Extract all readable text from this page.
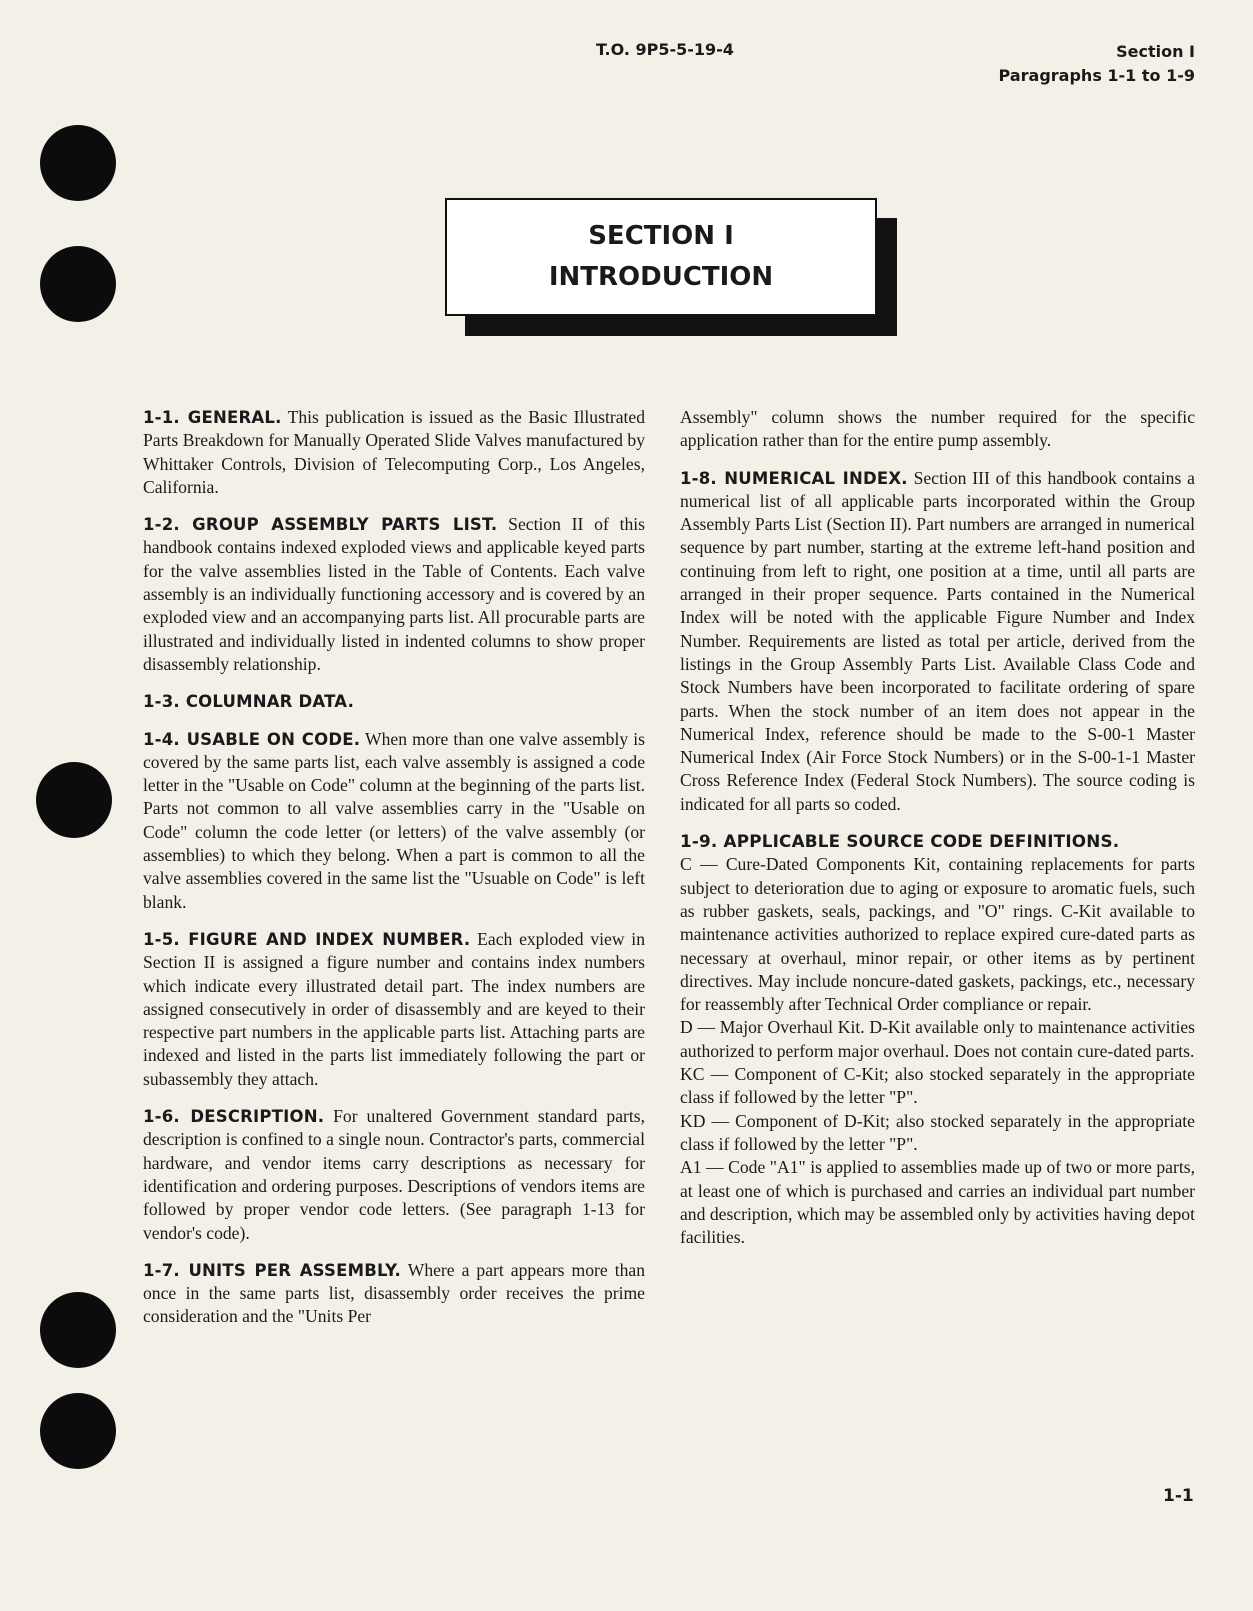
T.O. 9P5-5-19-4	Section I
Paragraphs 1-1 to 1-9
SECTION I
INTRODUCTION

1-1. GENERAL. This publication is issued as the Basic Illustrated Parts Breakdown for Manually Operated Slide Valves manufactured by Whittaker Controls, Division of Telecomputing Corp., Los Angeles, California.

1-2. GROUP ASSEMBLY PARTS LIST. Section II of this handbook contains indexed exploded views and applicable keyed parts for the valve assemblies listed in the Table of Contents. Each valve assembly is an individually functioning accessory and is covered by an exploded view and an accompanying parts list. All procurable parts are illustrated and individually listed in indented columns to show proper disassembly relationship.

1-3. COLUMNAR DATA.

1-4. USABLE ON CODE. When more than one valve assembly is covered by the same parts list, each valve assembly is assigned a code letter in the "Usable on Code" column at the beginning of the parts list. Parts not common to all valve assemblies carry in the "Usable on Code" column the code letter (or letters) of the valve assembly (or assemblies) to which they belong. When a part is common to all the valve assemblies covered in the same list the "Usuable on Code" is left blank.

1-5. FIGURE AND INDEX NUMBER. Each exploded view in Section II is assigned a figure number and contains index numbers which indicate every illustrated detail part. The index numbers are assigned consecutively in order of disassembly and are keyed to their respective part numbers in the applicable parts list. Attaching parts are indexed and listed in the parts list immediately following the part or subassembly they attach.

1-6. DESCRIPTION. For unaltered Government standard parts, description is confined to a single noun. Contractor's parts, commercial hardware, and vendor items carry descriptions as necessary for identification and ordering purposes. Descriptions of vendors items are followed by proper vendor code letters. (See paragraph 1-13 for vendor's code).

1-7. UNITS PER ASSEMBLY. Where a part appears more than once in the same parts list, disassembly order receives the prime consideration and the "Units Per

Assembly" column shows the number required for the specific application rather than for the entire pump assembly.

1-8. NUMERICAL INDEX. Section III of this handbook contains a numerical list of all applicable parts incorporated within the Group Assembly Parts List (Section II). Part numbers are arranged in numerical sequence by part number, starting at the extreme left-hand position and continuing from left to right, one position at a time, until all parts are arranged in their proper sequence. Parts contained in the Numerical Index will be noted with the applicable Figure Number and Index Number. Requirements are listed as total per article, derived from the listings in the Group Assembly Parts List. Available Class Code and Stock Numbers have been incorporated to facilitate ordering of spare parts. When the stock number of an item does not appear in the Numerical Index, reference should be made to the S-00-1 Master Numerical Index (Air Force Stock Numbers) or in the S-00-1-1 Master Cross Reference Index (Federal Stock Numbers). The source coding is indicated for all parts so coded.

1-9. APPLICABLE SOURCE CODE DEFINITIONS.

C — Cure-Dated Components Kit, containing replacements for parts subject to deterioration due to aging or exposure to aromatic fuels, such as rubber gaskets, seals, packings, and "O" rings. C-Kit available to maintenance activities authorized to replace expired cure-dated parts as necessary at overhaul, minor repair, or other items as by pertinent directives. May include noncure-dated gaskets, packings, etc., necessary for reassembly after Technical Order compliance or repair.

D — Major Overhaul Kit. D-Kit available only to maintenance activities authorized to perform major overhaul. Does not contain cure-dated parts.

KC — Component of C-Kit; also stocked separately in the appropriate class if followed by the letter "P".

KD — Component of D-Kit; also stocked separately in the appropriate class if followed by the letter "P".

A1 — Code "A1" is applied to assemblies made up of two or more parts, at least one of which is purchased and carries an individual part number and description, which may be assembled only by activities having depot facilities.

1-1
